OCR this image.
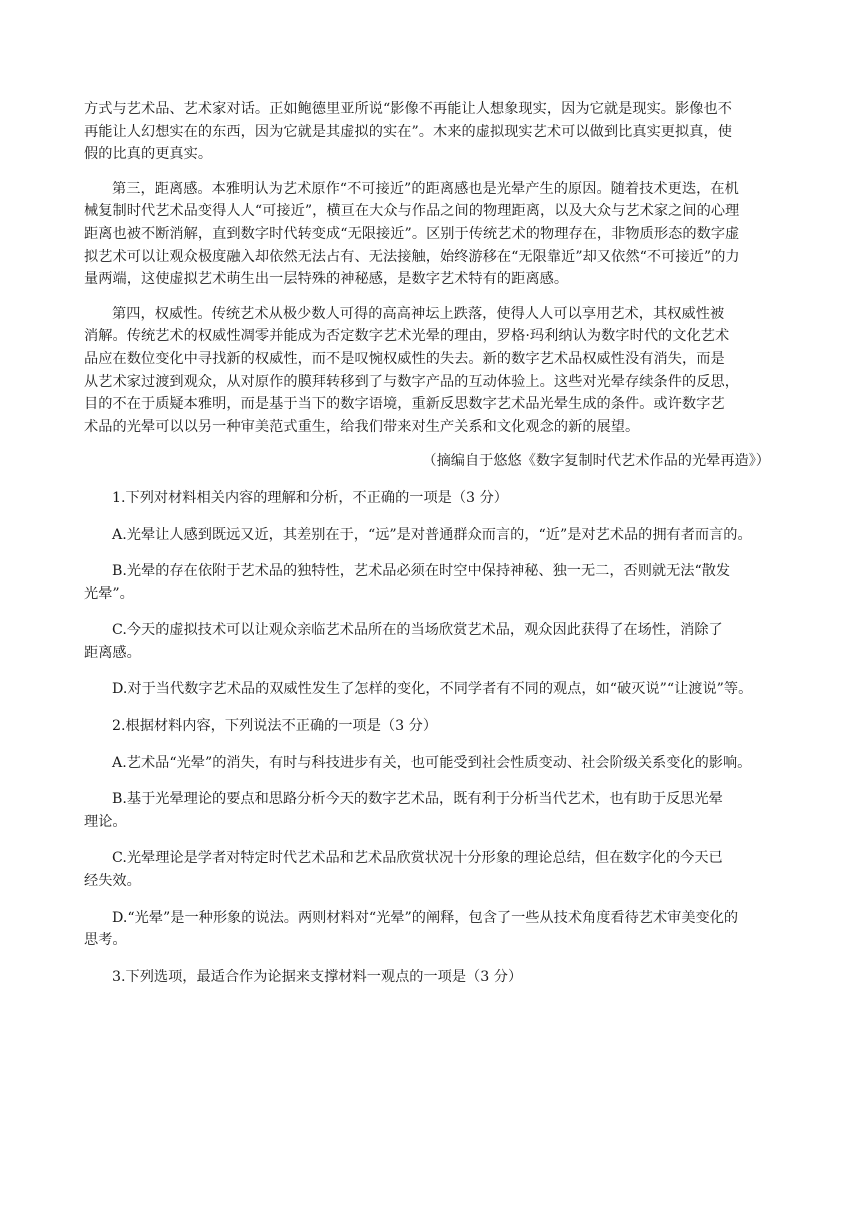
方式与艺术品、艺术家对话。正如鲍德里亚所说“影像不再能让人想象现实，因为它就是现实。影像也不
再能让人幻想实在的东西，因为它就是其虚拟的实在”。木来的虚拟现实艺术可以做到比真实更拟真，使
假的比真的更真实。
第三，距离感。本雅明认为艺术原作“不可接近”的距离感也是光晕产生的原因。随着技术更迭，在机
械复制时代艺术品变得人人“可接近”，横亘在大众与作品之间的物理距离，以及大众与艺术家之间的心理
距离也被不断消解，直到数字时代转变成“无限接近”。区别于传统艺术的物理存在，非物质形态的数字虚
拟艺术可以让观众极度融入却依然无法占有、无法接触，始终游移在“无限靠近”却又依然“不可接近”的力
量两端，这使虚拟艺术萌生出一层特殊的神秘感，是数字艺术特有的距离感。
第四，权威性。传统艺术从极少数人可得的高高神坛上跌落，使得人人可以享用艺术，其权威性被
消解。传统艺术的权威性凋零并能成为否定数字艺术光晕的理由，罗格·玛利纳认为数字时代的文化艺术
品应在数位变化中寻找新的权威性，而不是叹惋权威性的失去。新的数字艺术品权威性没有消失，而是
从艺术家过渡到观众，从对原作的膜拜转移到了与数字产品的互动体验上。这些对光晕存续条件的反思，
目的不在于质疑本雅明，而是基于当下的数字语境，重新反思数字艺术品光晕生成的条件。或许数字艺
术品的光晕可以以另一种审美范式重生，给我们带来对生产关系和文化观念的新的展望。
（摘编自于悠悠《数字复制时代艺术作品的光晕再造》）
1.下列对材料相关内容的理解和分析，不正确的一项是（3 分）
A.光晕让人感到既远又近，其差别在于，“远”是对普通群众而言的，“近”是对艺术品的拥有者而言的。
B.光晕的存在依附于艺术品的独特性，艺术品必须在时空中保持神秘、独一无二，否则就无法“散发
光晕”。
C.今天的虚拟技术可以让观众亲临艺术品所在的当场欣赏艺术品，观众因此获得了在场性，消除了
距离感。
D.对于当代数字艺术品的双威性发生了怎样的变化，不同学者有不同的观点，如“破灭说”“让渡说”等。
2.根据材料内容，下列说法不正确的一项是（3 分）
A.艺术品“光晕”的消失，有时与科技进步有关，也可能受到社会性质变动、社会阶级关系变化的影响。
B.基于光晕理论的要点和思路分析今天的数字艺术品，既有利于分析当代艺术，也有助于反思光晕
理论。
C.光晕理论是学者对特定时代艺术品和艺术品欣赏状况十分形象的理论总结，但在数字化的今天已
经失效。
D.“光晕”是一种形象的说法。两则材料对“光晕”的阐释，包含了一些从技术角度看待艺术审美变化的
思考。
3.下列选项，最适合作为论据来支撑材料一观点的一项是（3 分）
